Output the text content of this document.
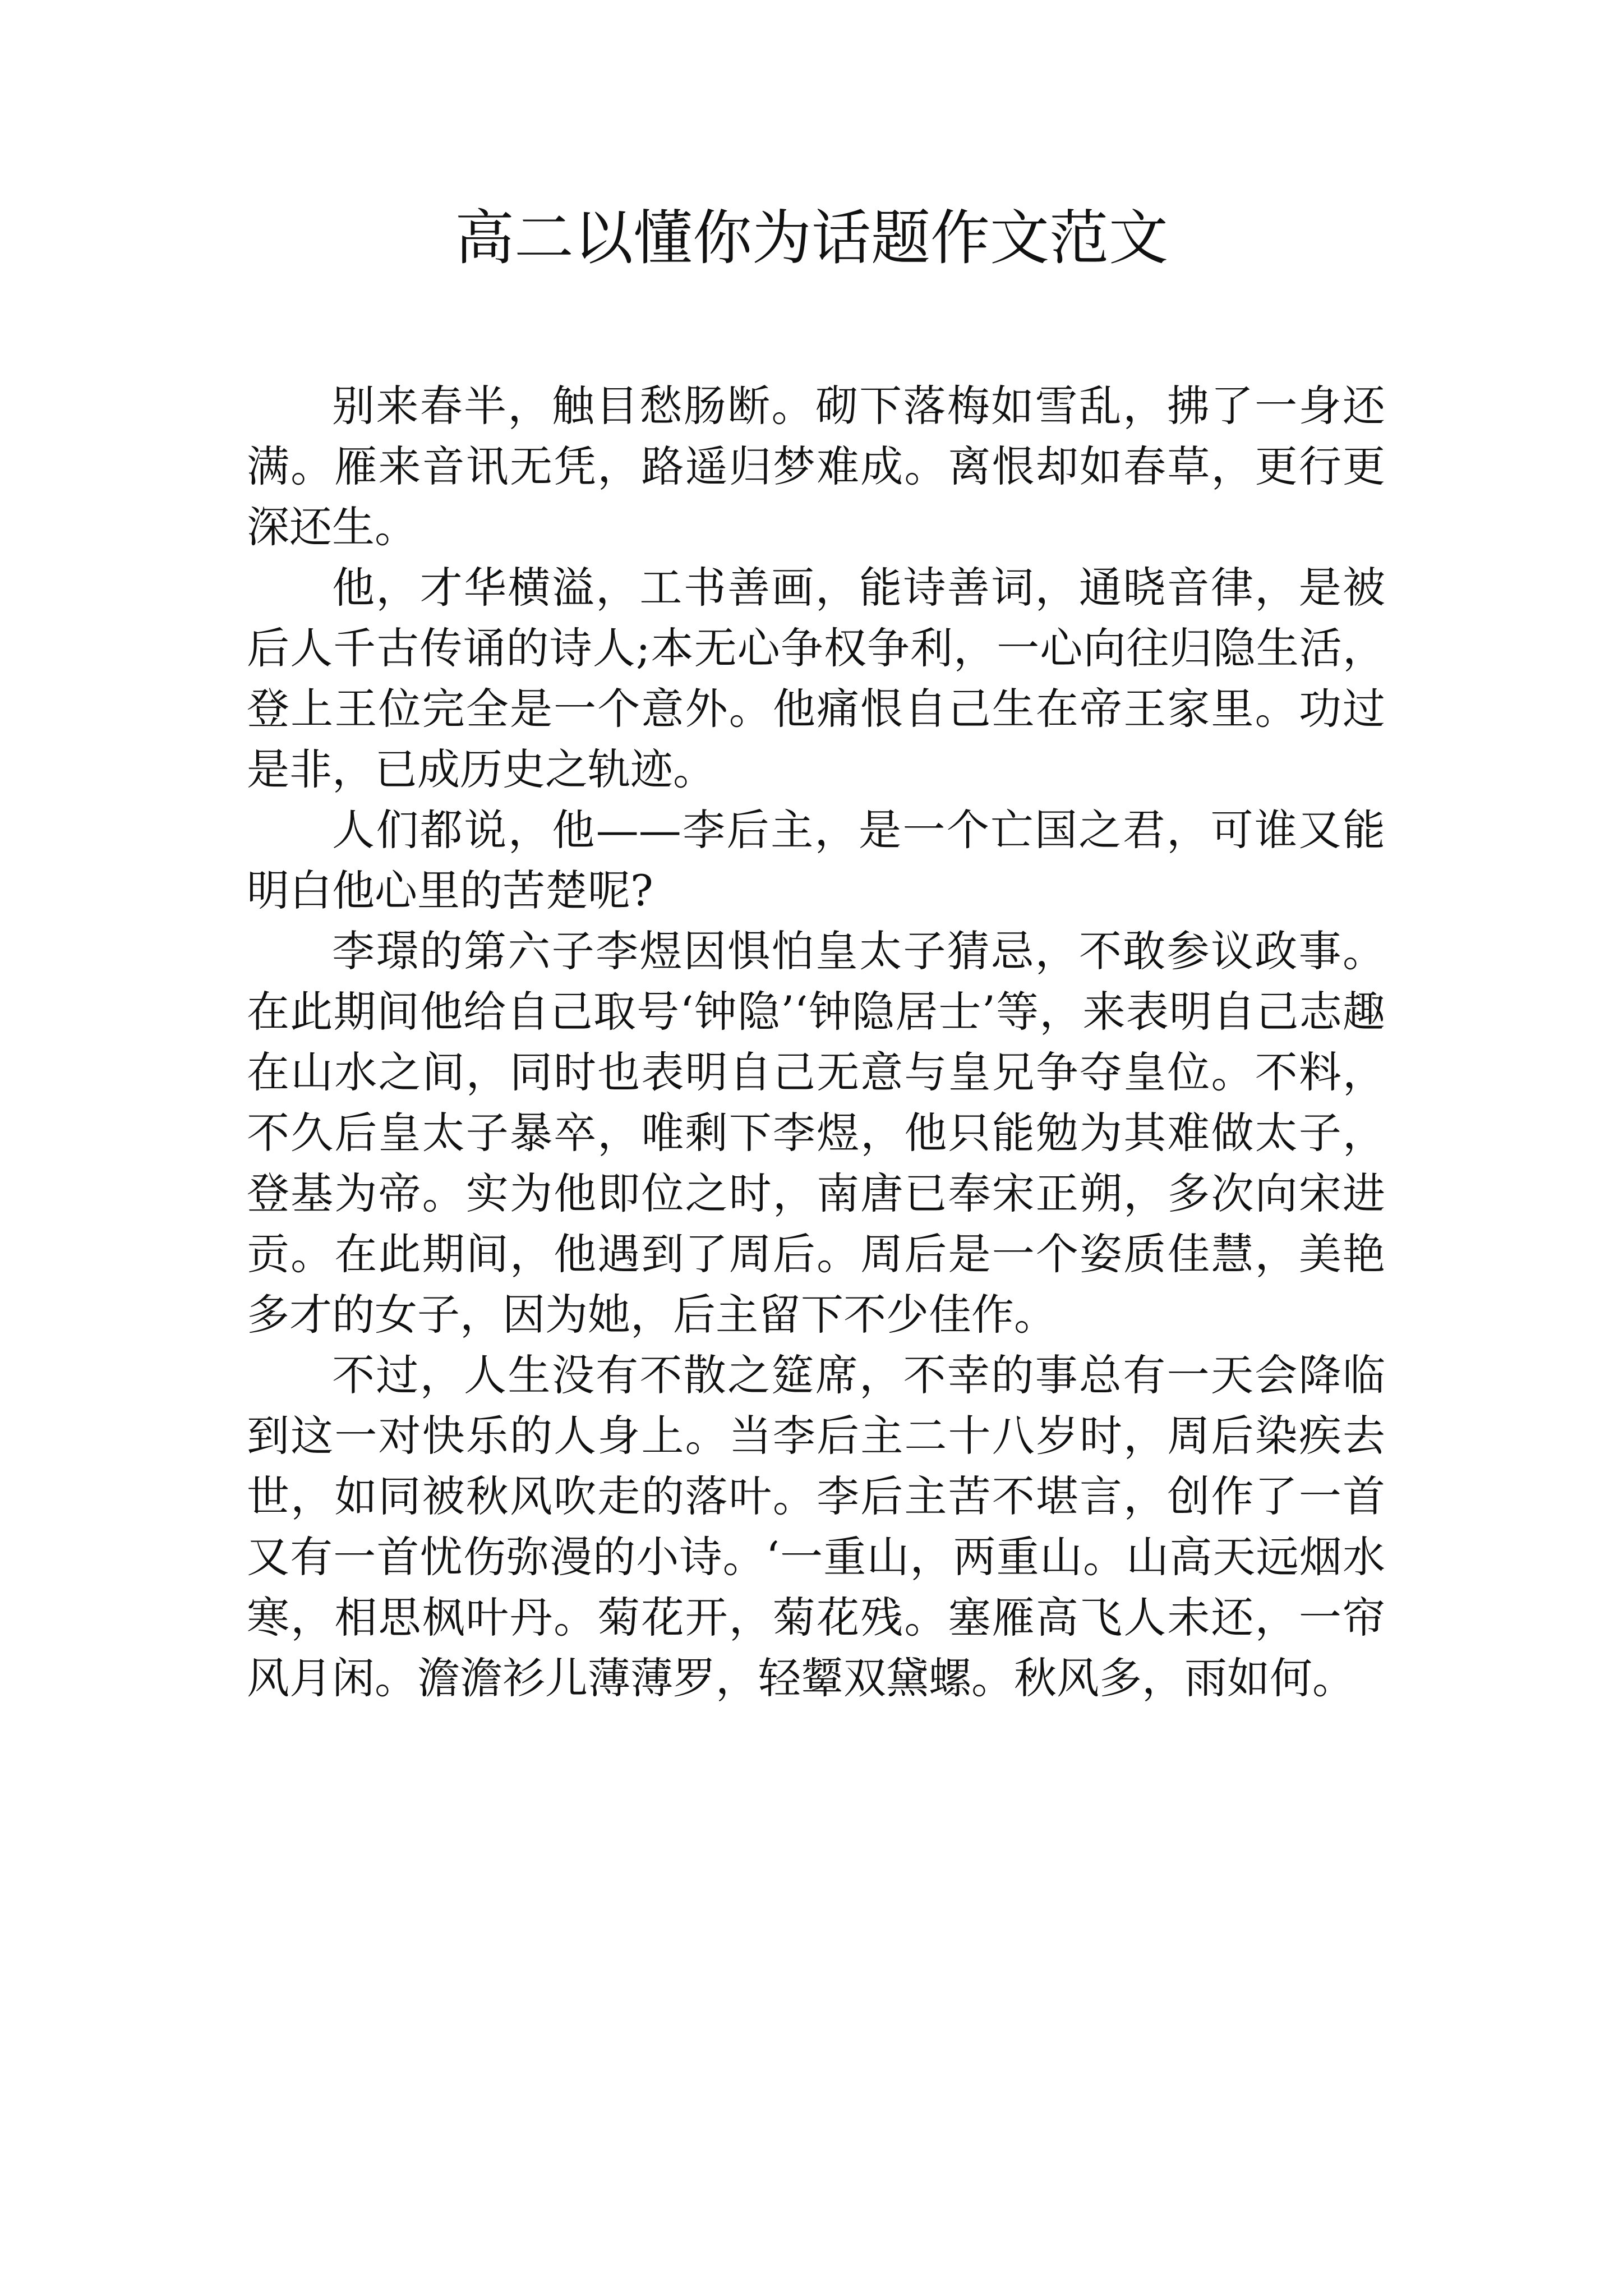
高二以懂你为话题作文范文

别来春半，触目愁肠断。砌下落梅如雪乱，拂了一身还满。雁来音讯无凭，路遥归梦难成。离恨却如春草，更行更深还生。

他，才华横溢，工书善画，能诗善词，通晓音律，是被后人千古传诵的诗人;本无心争权争利，一心向往归隐生活，登上王位完全是一个意外。他痛恨自己生在帝王家里。功过是非，已成历史之轨迹。

人们都说，他——李后主，是一个亡国之君，可谁又能明白他心里的苦楚呢?

李璟的第六子李煜因惧怕皇太子猜忌，不敢参议政事。在此期间他给自己取号‘钟隐’‘钟隐居士’等，来表明自己志趣在山水之间，同时也表明自己无意与皇兄争夺皇位。不料，不久后皇太子暴卒，唯剩下李煜，他只能勉为其难做太子，登基为帝。实为他即位之时，南唐已奉宋正朔，多次向宋进贡。在此期间，他遇到了周后。周后是一个姿质佳慧，美艳多才的女子，因为她，后主留下不少佳作。

不过，人生没有不散之筵席，不幸的事总有一天会降临到这一对快乐的人身上。当李后主二十八岁时，周后染疾去世，如同被秋风吹走的落叶。李后主苦不堪言，创作了一首又有一首忧伤弥漫的小诗。‘一重山，两重山。山高天远烟水寒，相思枫叶丹。菊花开，菊花残。塞雁高飞人未还，一帘风月闲。澹澹衫儿薄薄罗，轻颦双黛螺。秋风多，雨如何。
